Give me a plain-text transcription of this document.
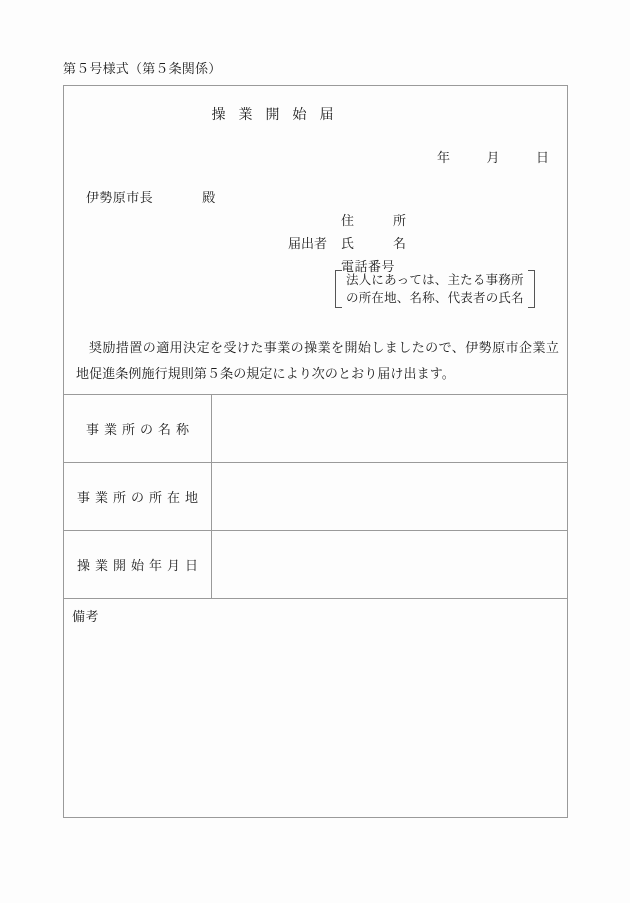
第５号様式（第５条関係）
操業開始届
年	月	日
伊勢原市長	殿
住　所
届出者 氏　名
電話番号
法人にあっては、主たる事務所
の所在地、名称、代表者の氏名
奨励措置の適用決定を受けた事業の操業を開始しましたので、伊勢原市企業立地促進条例施行規則第５条の規定により次のとおり届け出ます。
事業所の名称	
事業所の所在地	
操業開始年月日	
備考	
